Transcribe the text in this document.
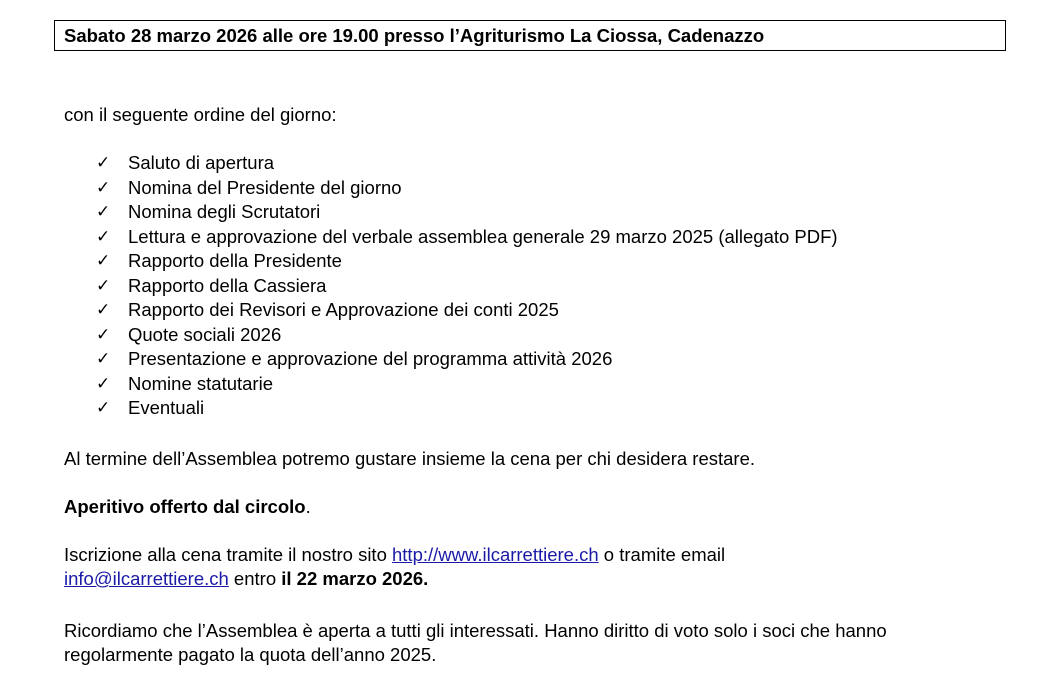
Sabato 28 marzo 2026 alle ore 19.00 presso l’Agriturismo La Ciossa, Cadenazzo
con il seguente ordine del giorno:
✓ Saluto di apertura
✓ Nomina del Presidente del giorno
✓ Nomina degli Scrutatori
✓ Lettura e approvazione del verbale assemblea generale 29 marzo 2025 (allegato PDF)
✓ Rapporto della Presidente
✓ Rapporto della Cassiera
✓ Rapporto dei Revisori e Approvazione dei conti 2025
✓ Quote sociali 2026
✓ Presentazione e approvazione del programma attività 2026
✓ Nomine statutarie
✓ Eventuali
Al termine dell’Assemblea potremo gustare insieme la cena per chi desidera restare.
Aperitivo offerto dal circolo.
Iscrizione alla cena tramite il nostro sito http://www.ilcarrettiere.ch o tramite email
info@ilcarrettiere.ch entro il 22 marzo 2026.
Ricordiamo che l’Assemblea è aperta a tutti gli interessati. Hanno diritto di voto solo i soci che hanno
regolarmente pagato la quota dell’anno 2025.
